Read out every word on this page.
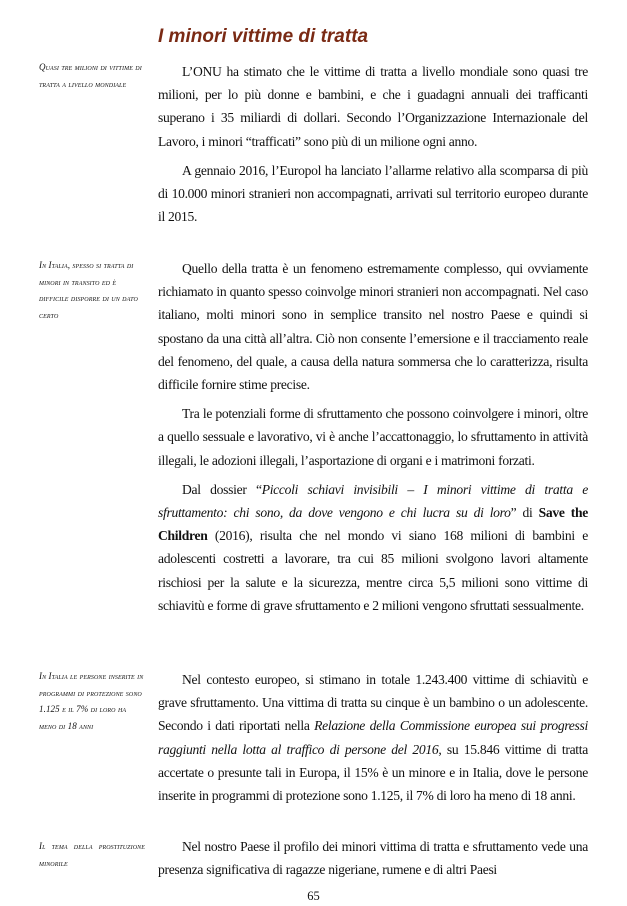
I minori vittime di tratta
Quasi tre milioni di vittime di tratta a livello mondiale
In Italia, spesso si tratta di minori in transito ed è difficile disporre di un dato certo
In Italia le persone inserite in programmi di protezione sono 1.125 e il 7% di loro ha meno di 18 anni
Il tema della prostituzione minorile

L’ONU ha stimato che le vittime di tratta a livello mondiale sono quasi tre milioni, per lo più donne e bambini, e che i guadagni annuali dei trafficanti superano i 35 miliardi di dollari. Secondo l’Organizzazione Internazionale del Lavoro, i minori “trafficati” sono più di un milione ogni anno.

A gennaio 2016, l’Europol ha lanciato l’allarme relativo alla scomparsa di più di 10.000 minori stranieri non accompagnati, arrivati sul territorio europeo durante il 2015.

Quello della tratta è un fenomeno estremamente complesso, qui ovviamente richiamato in quanto spesso coinvolge minori stranieri non accompagnati. Nel caso italiano, molti minori sono in semplice transito nel nostro Paese e quindi si spostano da una città all’altra. Ciò non consente l’emersione e il tracciamento reale del fenomeno, del quale, a causa della natura sommersa che lo caratterizza, risulta difficile fornire stime precise.

Tra le potenziali forme di sfruttamento che possono coinvolgere i minori, oltre a quello sessuale e lavorativo, vi è anche l’accattonaggio, lo sfruttamento in attività illegali, le adozioni illegali, l’asportazione di organi e i matrimoni forzati.

Dal dossier “Piccoli schiavi invisibili – I minori vittime di tratta e sfruttamento: chi sono, da dove vengono e chi lucra su di loro” di Save the Children (2016), risulta che nel mondo vi siano 168 milioni di bambini e adolescenti costretti a lavorare, tra cui 85 milioni svolgono lavori altamente rischiosi per la salute e la sicurezza, mentre circa 5,5 milioni sono vittime di schiavitù e forme di grave sfruttamento e 2 milioni vengono sfruttati sessualmente.

Nel contesto europeo, si stimano in totale 1.243.400 vittime di schiavitù e grave sfruttamento. Una vittima di tratta su cinque è un bambino o un adolescente. Secondo i dati riportati nella Relazione della Commissione europea sui progressi raggiunti nella lotta al traffico di persone del 2016, su 15.846 vittime di tratta accertate o presunte tali in Europa, il 15% è un minore e in Italia, dove le persone inserite in programmi di protezione sono 1.125, il 7% di loro ha meno di 18 anni.

Nel nostro Paese il profilo dei minori vittima di tratta e sfruttamento vede una presenza significativa di ragazze nigeriane, rumene e di altri Paesi

65
